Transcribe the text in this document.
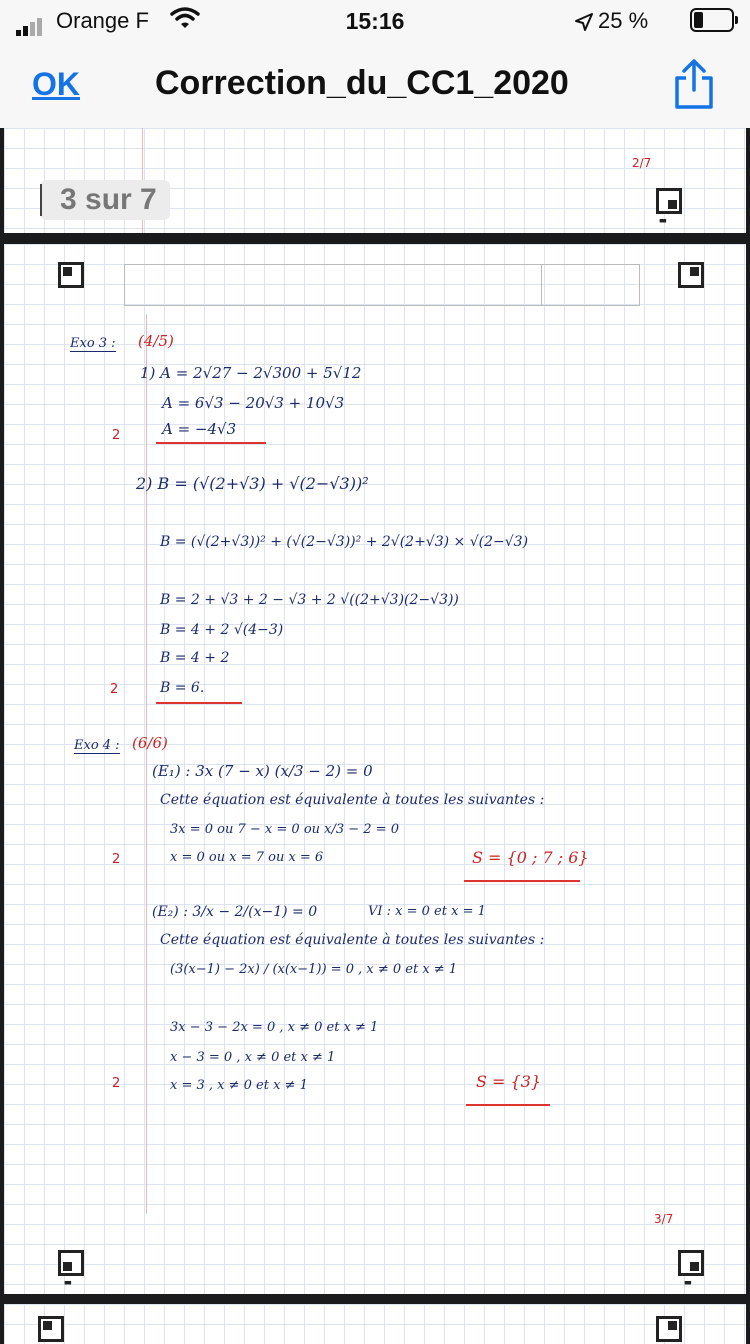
Orange F	15:16	25 %
OK Correction_du_CC1_2020
2/7
▪▪
3 sur 7
▪▪	▪▪
3/7
Exo 3 : (4/5)
1) A = 2√27 − 2√300 + 5√12
A = 6√3 − 20√3 + 10√3
A = −4√3
2
2) B = (√(2+√3) + √(2−√3))²
B = (√(2+√3))² + (√(2−√3))² + 2√(2+√3) × √(2−√3)
B = 2 + √3 + 2 − √3 + 2 √((2+√3)(2−√3))
B = 4 + 2 √(4−3)
B = 4 + 2
B = 6.
2
Exo 4 : (6/6)
(E₁) : 3x (7 − x) (x/3 − 2) = 0
Cette équation est équivalente à toutes les suivantes :
3x = 0 ou 7 − x = 0 ou x/3 − 2 = 0
x = 0 ou x = 7 ou x = 6	S = {0 ; 7 ; 6}
2
(E₂) : 3/x − 2/(x−1) = 0	VI : x = 0 et x = 1
Cette équation est équivalente à toutes les suivantes :
(3(x−1) − 2x) / (x(x−1)) = 0 , x ≠ 0 et x ≠ 1
3x − 3 − 2x = 0 , x ≠ 0 et x ≠ 1
x − 3 = 0 , x ≠ 0 et x ≠ 1
x = 3 , x ≠ 0 et x ≠ 1	S = {3}
2
